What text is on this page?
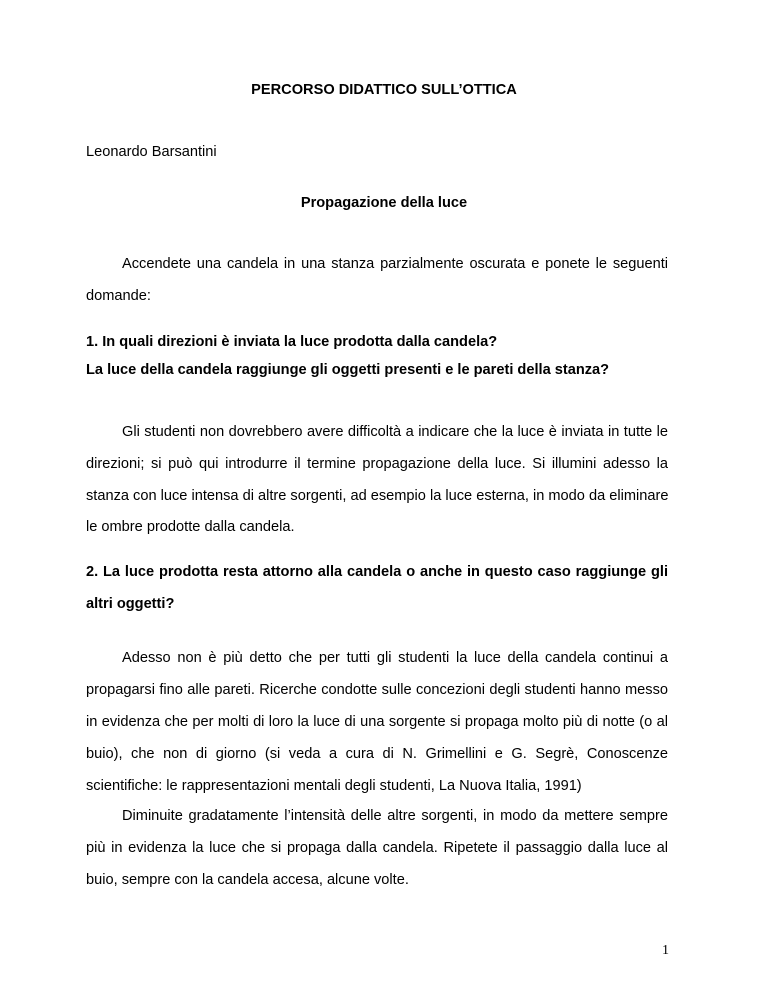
PERCORSO DIDATTICO SULL’OTTICA
Leonardo Barsantini
Propagazione della luce
Accendete una candela in una stanza parzialmente oscurata e ponete le seguenti
domande:
1. In quali direzioni è inviata la luce prodotta dalla candela?
La luce della candela raggiunge gli oggetti presenti e le pareti della stanza?
Gli studenti non dovrebbero avere difficoltà a indicare che la luce è inviata in tutte le
direzioni; si può qui introdurre il termine propagazione della luce. Si illumini adesso la
stanza con luce intensa di altre sorgenti, ad esempio la luce esterna, in modo da eliminare
le ombre prodotte dalla candela.
2. La luce prodotta resta attorno alla candela o anche in questo caso raggiunge gli
altri oggetti?
Adesso non è più detto che per tutti gli studenti la luce della candela continui a
propagarsi fino alle pareti. Ricerche condotte sulle concezioni degli studenti hanno messo
in evidenza che per molti di loro la luce di una sorgente si propaga molto più di notte (o al
buio), che non di giorno (si veda a cura di N. Grimellini e G. Segrè, Conoscenze
scientifiche: le rappresentazioni mentali degli studenti, La Nuova Italia, 1991)
Diminuite gradatamente l’intensità delle altre sorgenti, in modo da mettere sempre
più in evidenza la luce che si propaga dalla candela. Ripetete il passaggio dalla luce al
buio, sempre con la candela accesa, alcune volte.
1
